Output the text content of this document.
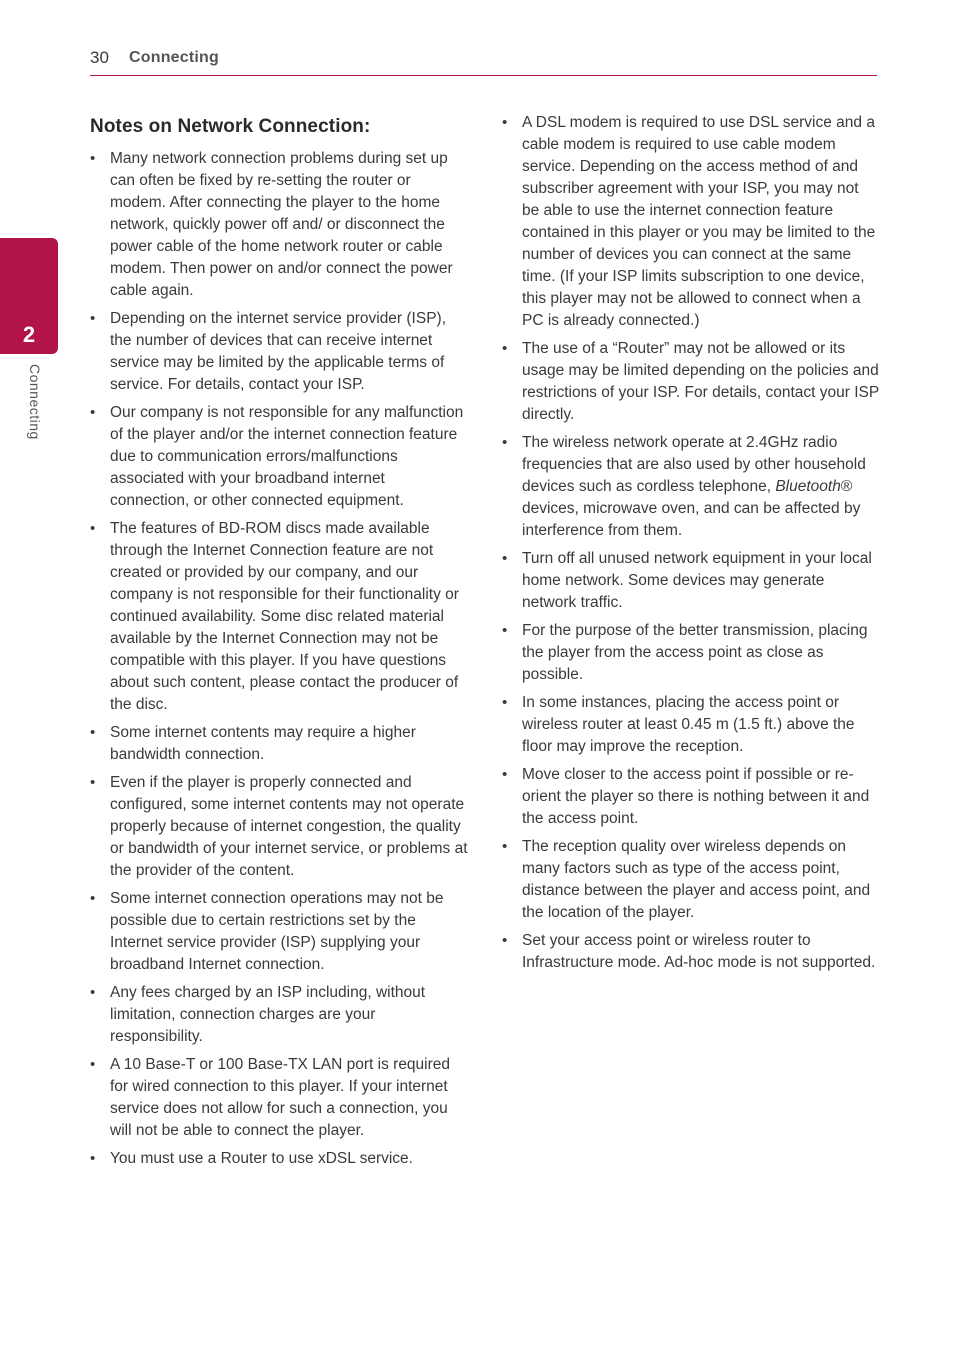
30 Connecting
2
Connecting
Notes on Network Connection:
• Many network connection problems during set up can often be fixed by re-setting the router or modem. After connecting the player to the home network, quickly power off and/ or disconnect the power cable of the home network router or cable modem. Then power on and/or connect the power cable again.
• Depending on the internet service provider (ISP), the number of devices that can receive internet service may be limited by the applicable terms of service. For details, contact your ISP.
• Our company is not responsible for any malfunction of the player and/or the internet connection feature due to communication errors/malfunctions associated with your broadband internet connection, or other connected equipment.
• The features of BD-ROM discs made available through the Internet Connection feature are not created or provided by our company, and our company is not responsible for their functionality or continued availability. Some disc related material available by the Internet Connection may not be compatible with this player. If you have questions about such content, please contact the producer of the disc.
• Some internet contents may require a higher bandwidth connection.
• Even if the player is properly connected and configured, some internet contents may not operate properly because of internet congestion, the quality or bandwidth of your internet service, or problems at the provider of the content.
• Some internet connection operations may not be possible due to certain restrictions set by the Internet service provider (ISP) supplying your broadband Internet connection.
• Any fees charged by an ISP including, without limitation, connection charges are your responsibility.
• A 10 Base-T or 100 Base-TX LAN port is required for wired connection to this player. If your internet service does not allow for such a connection, you will not be able to connect the player.
• You must use a Router to use xDSL service.
• A DSL modem is required to use DSL service and a cable modem is required to use cable modem service. Depending on the access method of and subscriber agreement with your ISP, you may not be able to use the internet connection feature contained in this player or you may be limited to the number of devices you can connect at the same time. (If your ISP limits subscription to one device, this player may not be allowed to connect when a PC is already connected.)
• The use of a “Router” may not be allowed or its usage may be limited depending on the policies and restrictions of your ISP. For details, contact your ISP directly.
• The wireless network operate at 2.4GHz radio frequencies that are also used by other household devices such as cordless telephone, Bluetooth® devices, microwave oven, and can be affected by interference from them.
• Turn off all unused network equipment in your local home network. Some devices may generate network traffic.
• For the purpose of the better transmission, placing the player from the access point as close as possible.
• In some instances, placing the access point or wireless router at least 0.45 m (1.5 ft.) above the floor may improve the reception.
• Move closer to the access point if possible or re-orient the player so there is nothing between it and the access point.
• The reception quality over wireless depends on many factors such as type of the access point, distance between the player and access point, and the location of the player.
• Set your access point or wireless router to Infrastructure mode. Ad-hoc mode is not supported.
